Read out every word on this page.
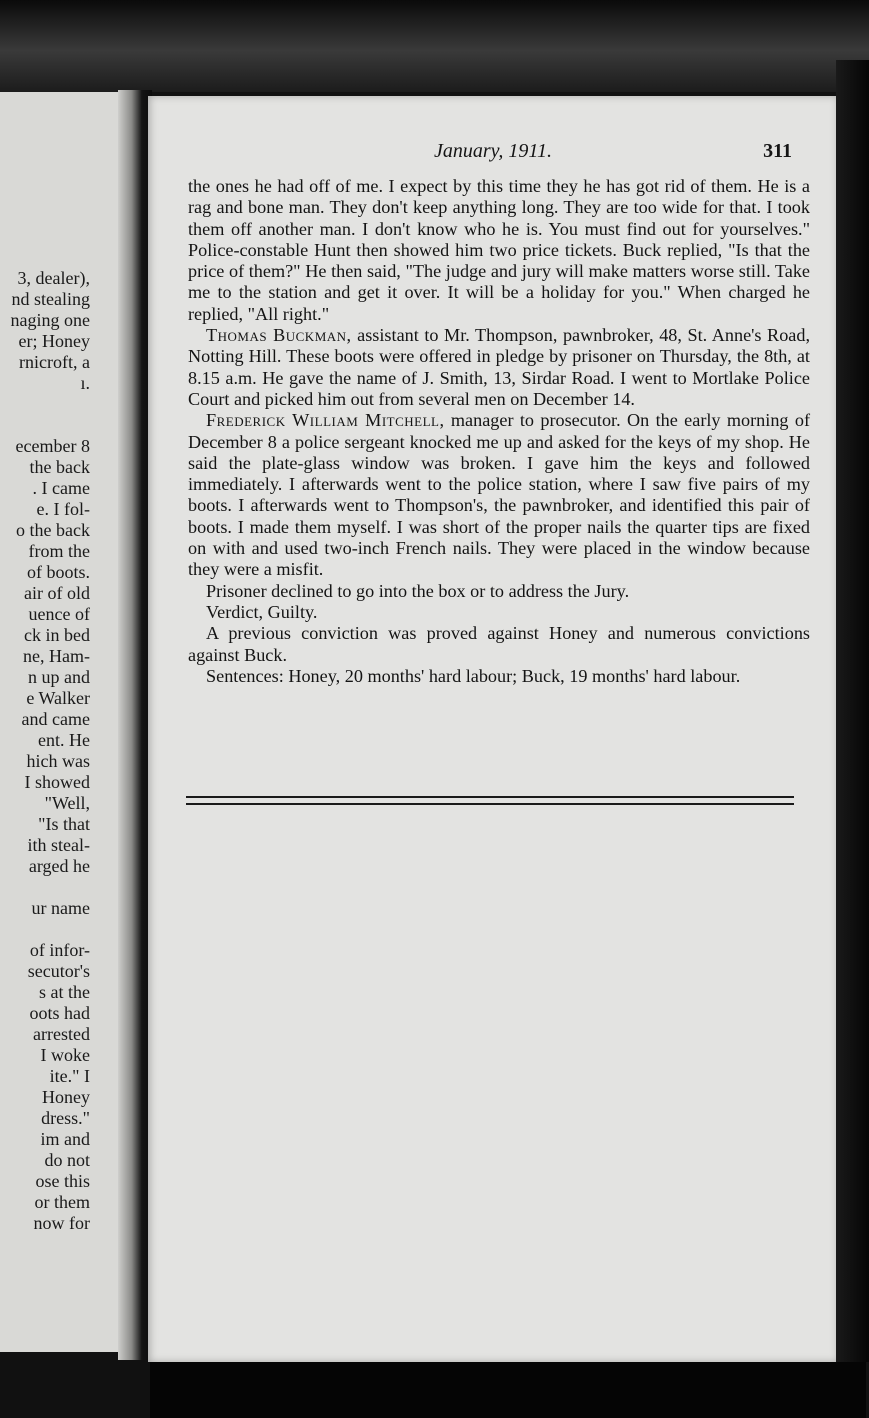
3, dealer),
nd stealing
naging one
er; Honey
rnicroft, a
ı.
ecember 8
the back
. I came
e. I fol-
o the back
from the
of boots.
air of old
uence of
ck in bed
ne, Ham-
n up and
e Walker
and came
ent. He
hich was
I showed
"Well,
"Is that
ith steal-
arged he
ur name
of infor-
secutor's
s at the
oots had
arrested
I woke
ite." I
Honey
dress."
im and
do not
ose this
or them
now for
January, 1911.	311

the ones he had off of me. I expect by this time they he has got rid of them. He is a rag and bone man. They don't keep anything long. They are too wide for that. I took them off another man. I don't know who he is. You must find out for yourselves." Police-constable Hunt then showed him two price tickets. Buck replied, "Is that the price of them?" He then said, "The judge and jury will make matters worse still. Take me to the station and get it over. It will be a holiday for you." When charged he replied, "All right."

Thomas Buckman, assistant to Mr. Thompson, pawnbroker, 48, St. Anne's Road, Notting Hill. These boots were offered in pledge by prisoner on Thursday, the 8th, at 8.15 a.m. He gave the name of J. Smith, 13, Sirdar Road. I went to Mortlake Police Court and picked him out from several men on December 14.

Frederick William Mitchell, manager to prosecutor. On the early morning of December 8 a police sergeant knocked me up and asked for the keys of my shop. He said the plate-glass window was broken. I gave him the keys and followed immediately. I afterwards went to the police station, where I saw five pairs of my boots. I afterwards went to Thompson's, the pawnbroker, and identified this pair of boots. I made them myself. I was short of the proper nails the quarter tips are fixed on with and used two-inch French nails. They were placed in the window because they were a misfit.

Prisoner declined to go into the box or to address the Jury.

Verdict, Guilty.

A previous conviction was proved against Honey and numerous convictions against Buck.

Sentences: Honey, 20 months' hard labour; Buck, 19 months' hard labour.
